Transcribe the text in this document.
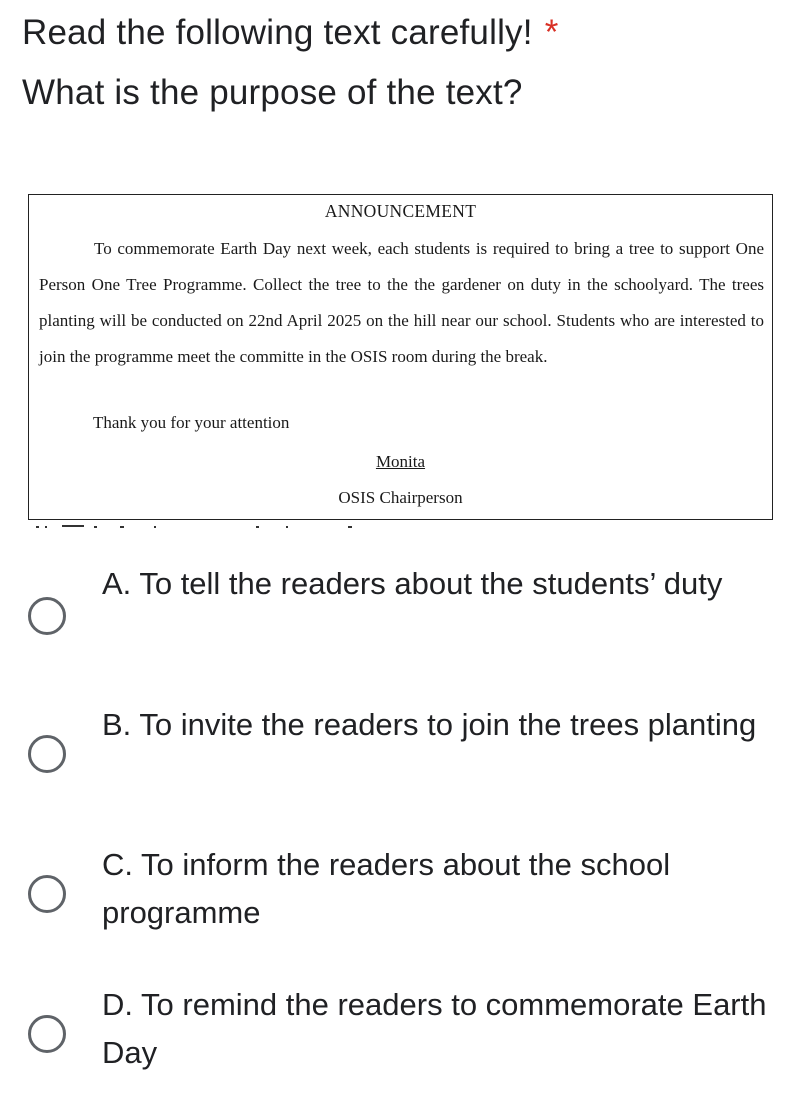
Read the following text carefully! *
What is the purpose of the text?
ANNOUNCEMENT
To commemorate Earth Day next week, each students is required to bring a tree to support One Person One Tree Programme. Collect the tree to the the gardener on duty in the schoolyard. The trees planting will be conducted on 22nd April 2025 on the hill near our school. Students who are interested to join the programme meet the committe in the OSIS room during the break.
Thank you for your attention
Monita
OSIS Chairperson
A. To tell the readers about the students’ duty
B. To invite the readers to join the trees planting
C. To inform the readers about the school programme
D. To remind the readers to commemorate Earth Day
